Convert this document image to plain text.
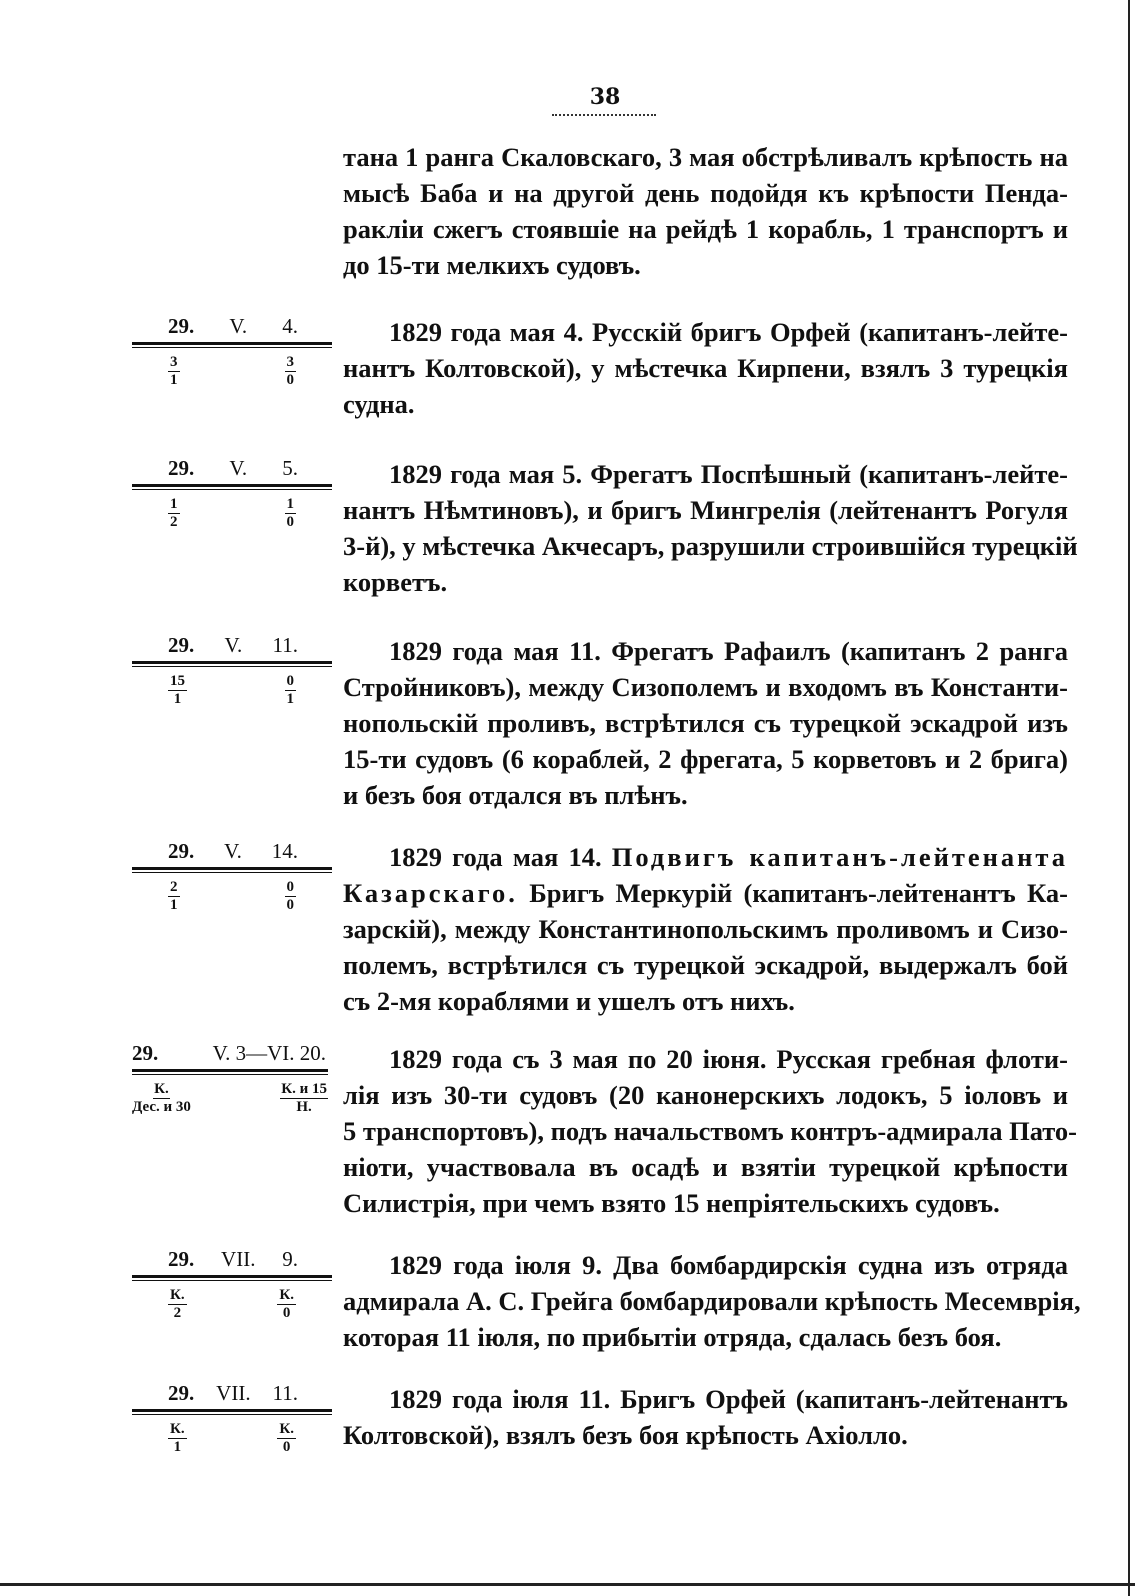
38
тана 1 ранга Скаловскаго, 3 мая обстрѣливалъ крѣпость на
мысѣ Баба и на другой день подойдя къ крѣпости Пенда-
ракліи сжегъ стоявшіе на рейдѣ 1 корабль, 1 транспортъ и
до 15-ти мелкихъ судовъ.
29. V. 4.
$\frac{3}{1}$	$\frac{3}{0}$
1829 года мая 4. Русскій бригъ Орфей (капитанъ-лейте-
нантъ Колтовской), у мѣстечка Кирпени, взялъ 3 турецкія
судна.
29. V. 5.
$\frac{1}{2}$	$\frac{1}{0}$
1829 года мая 5. Фрегатъ Поспѣшный (капитанъ-лейте-
нантъ Нѣмтиновъ), и бригъ Мингрелія (лейтенантъ Рогуля
3-й), у мѣстечка Акчесаръ, разрушили строившійся турецкій
корветъ.
29. V. 11.
$\frac{15}{1}$	$\frac{0}{1}$
1829 года мая 11. Фрегатъ Рафаилъ (капитанъ 2 ранга
Стройниковъ), между Сизополемъ и входомъ въ Константи-
нопольскій проливъ, встрѣтился съ турецкой эскадрой изъ
15-ти судовъ (6 кораблей, 2 фрегата, 5 корветовъ и 2 брига)
и безъ боя отдался въ плѣнъ.
29. V. 14.
$\frac{2}{1}$	$\frac{0}{0}$
1829 года мая 14. Подвигъ капитанъ-лейтенанта
Казарскаго. Бригъ Меркурій (капитанъ-лейтенантъ Ка-
зарскій), между Константинопольскимъ проливомъ и Сизо-
полемъ, встрѣтился съ турецкой эскадрой, выдержалъ бой
съ 2-мя кораблями и ушелъ отъ нихъ.
29.	V. 3—VI. 20.
$\frac{К.}{\text{Дес. и 30}}$	$\frac{К. и 15}{Н.}$
1829 года съ 3 мая по 20 іюня. Русская гребная флоти-
лія изъ 30-ти судовъ (20 канонерскихъ лодокъ, 5 іоловъ и
5 транспортовъ), подъ начальствомъ контръ-адмирала Пато-
ніоти, участвовала въ осадѣ и взятіи турецкой крѣпости
Силистрія, при чемъ взято 15 непріятельскихъ судовъ.
29. VII. 9.
$\frac{К.}{2}$	$\frac{К.}{0}$
1829 года іюля 9. Два бомбардирскія судна изъ отряда
адмирала А. С. Грейга бомбардировали крѣпость Месемврія,
которая 11 іюля, по прибытіи отряда, сдалась безъ боя.
29. VII. 11.
$\frac{К.}{1}$	$\frac{К.}{0}$
1829 года іюля 11. Бригъ Орфей (капитанъ-лейтенантъ
Колтовской), взялъ безъ боя крѣпость Ахіолло.
